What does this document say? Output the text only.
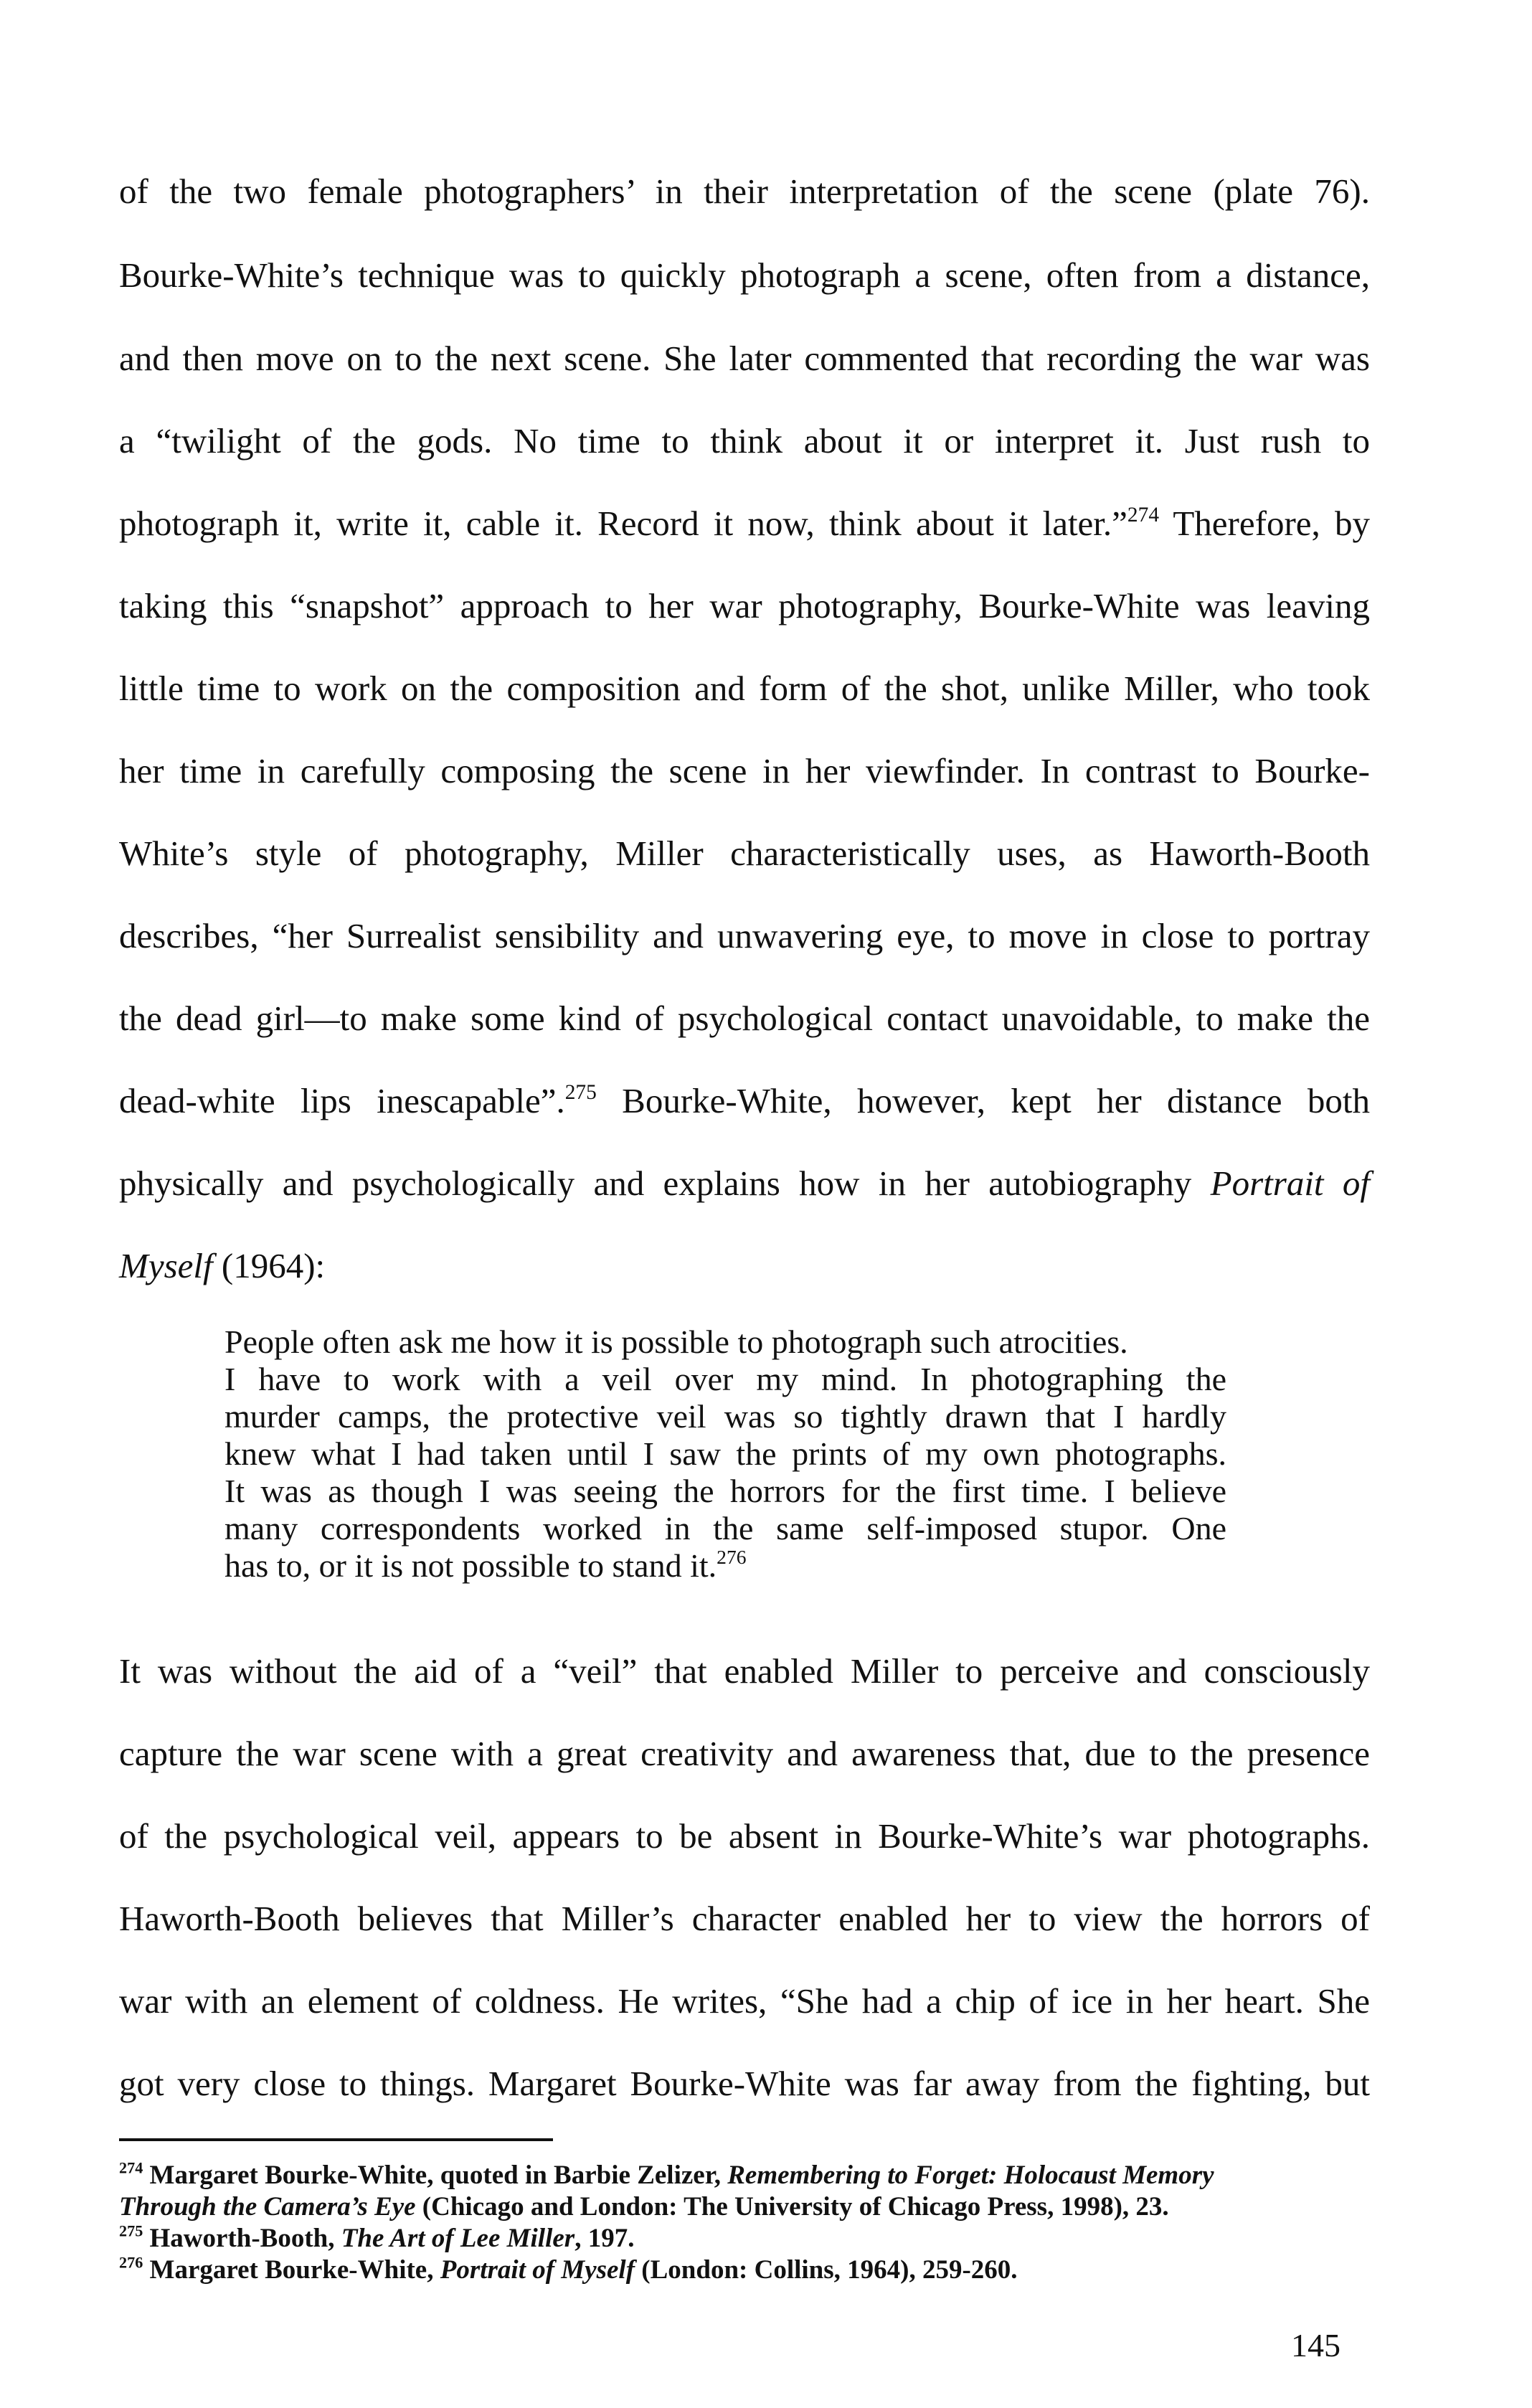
of the two female photographers’ in their interpretation of the scene (plate 76).
Bourke-White’s technique was to quickly photograph a scene, often from a distance,
and then move on to the next scene. She later commented that recording the war was
a “twilight of the gods. No time to think about it or interpret it. Just rush to
photograph it, write it, cable it. Record it now, think about it later.”$^{274}$ Therefore, by
taking this “snapshot” approach to her war photography, Bourke-White was leaving
little time to work on the composition and form of the shot, unlike Miller, who took
her time in carefully composing the scene in her viewfinder. In contrast to Bourke-
White’s style of photography, Miller characteristically uses, as Haworth-Booth
describes, “her Surrealist sensibility and unwavering eye, to move in close to portray
the dead girl—to make some kind of psychological contact unavoidable, to make the
dead-white lips inescapable”.$^{275}$ Bourke-White, however, kept her distance both
physically and psychologically and explains how in her autobiography Portrait of
Myself (1964):
People often ask me how it is possible to photograph such atrocities.
I have to work with a veil over my mind. In photographing the
murder camps, the protective veil was so tightly drawn that I hardly
knew what I had taken until I saw the prints of my own photographs.
It was as though I was seeing the horrors for the first time. I believe
many correspondents worked in the same self-imposed stupor. One
has to, or it is not possible to stand it.$^{276}$
It was without the aid of a “veil” that enabled Miller to perceive and consciously
capture the war scene with a great creativity and awareness that, due to the presence
of the psychological veil, appears to be absent in Bourke-White’s war photographs.
Haworth-Booth believes that Miller’s character enabled her to view the horrors of
war with an element of coldness. He writes, “She had a chip of ice in her heart. She
got very close to things. Margaret Bourke-White was far away from the fighting, but
$^{274}$ Margaret Bourke-White, quoted in Barbie Zelizer, Remembering to Forget: Holocaust Memory
Through the Camera’s Eye (Chicago and London: The University of Chicago Press, 1998), 23.
$^{275}$ Haworth-Booth, The Art of Lee Miller, 197.
$^{276}$ Margaret Bourke-White, Portrait of Myself (London: Collins, 1964), 259-260.
145
